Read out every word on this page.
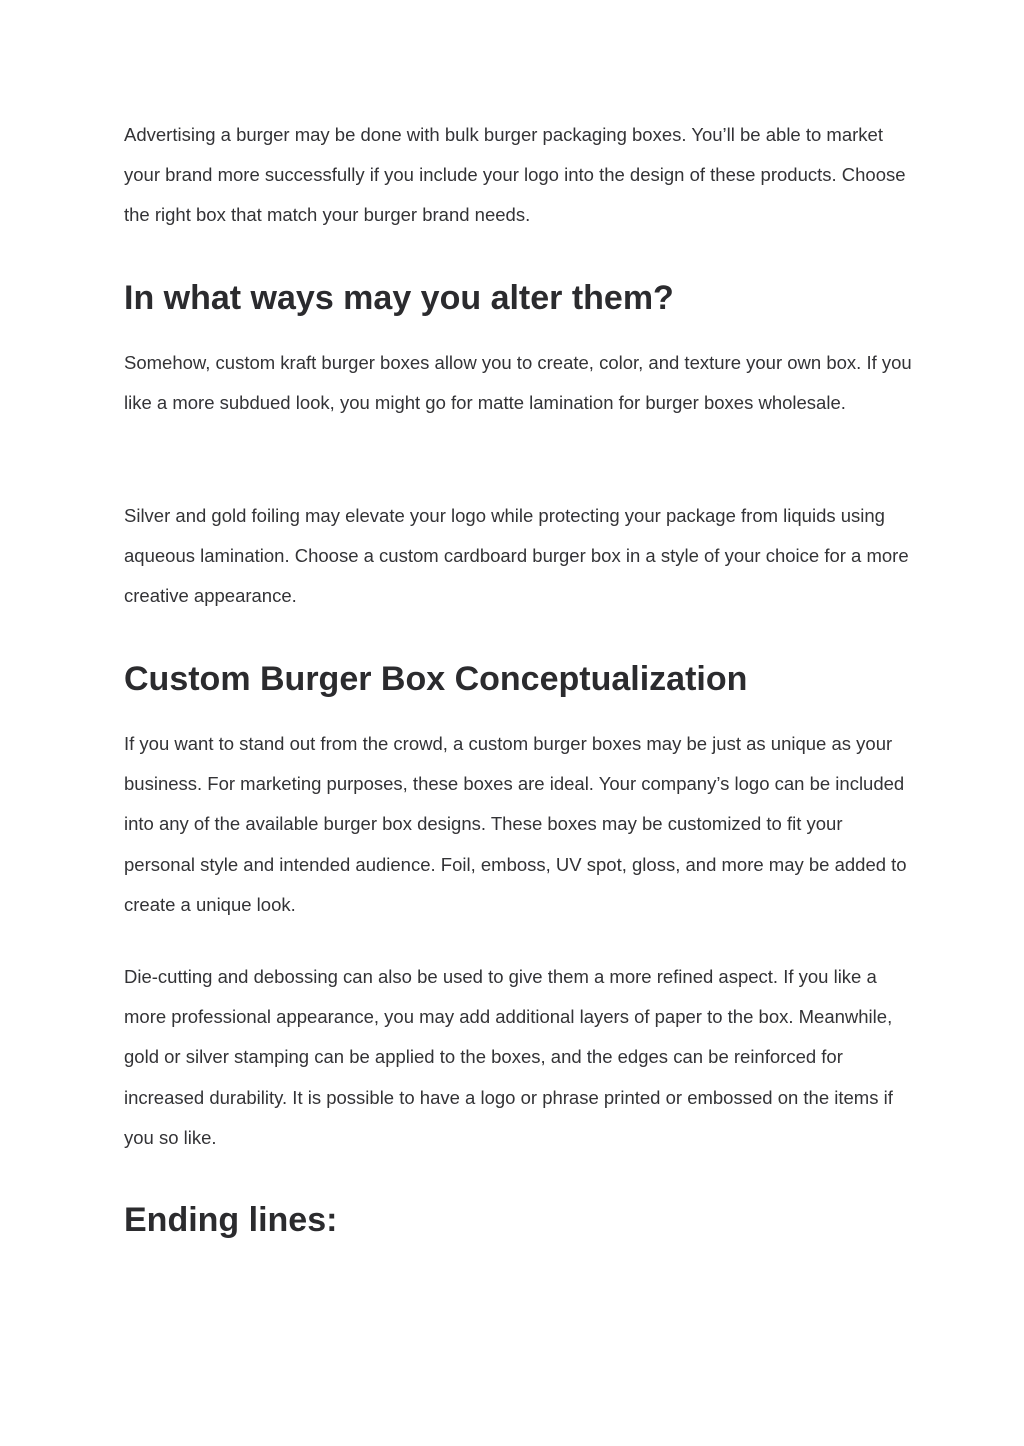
Advertising a burger may be done with bulk burger packaging boxes. You’ll be able to market your brand more successfully if you include your logo into the design of these products. Choose the right box that match your burger brand needs.

In what ways may you alter them?

Somehow, custom kraft burger boxes allow you to create, color, and texture your own box. If you like a more subdued look, you might go for matte lamination for burger boxes wholesale.

Silver and gold foiling may elevate your logo while protecting your package from liquids using aqueous lamination. Choose a custom cardboard burger box in a style of your choice for a more creative appearance.

Custom Burger Box Conceptualization

If you want to stand out from the crowd, a custom burger boxes may be just as unique as your business. For marketing purposes, these boxes are ideal. Your company’s logo can be included into any of the available burger box designs. These boxes may be customized to fit your personal style and intended audience. Foil, emboss, UV spot, gloss, and more may be added to create a unique look.

Die-cutting and debossing can also be used to give them a more refined aspect. If you like a more professional appearance, you may add additional layers of paper to the box. Meanwhile, gold or silver stamping can be applied to the boxes, and the edges can be reinforced for increased durability. It is possible to have a logo or phrase printed or embossed on the items if you so like.

Ending lines:
